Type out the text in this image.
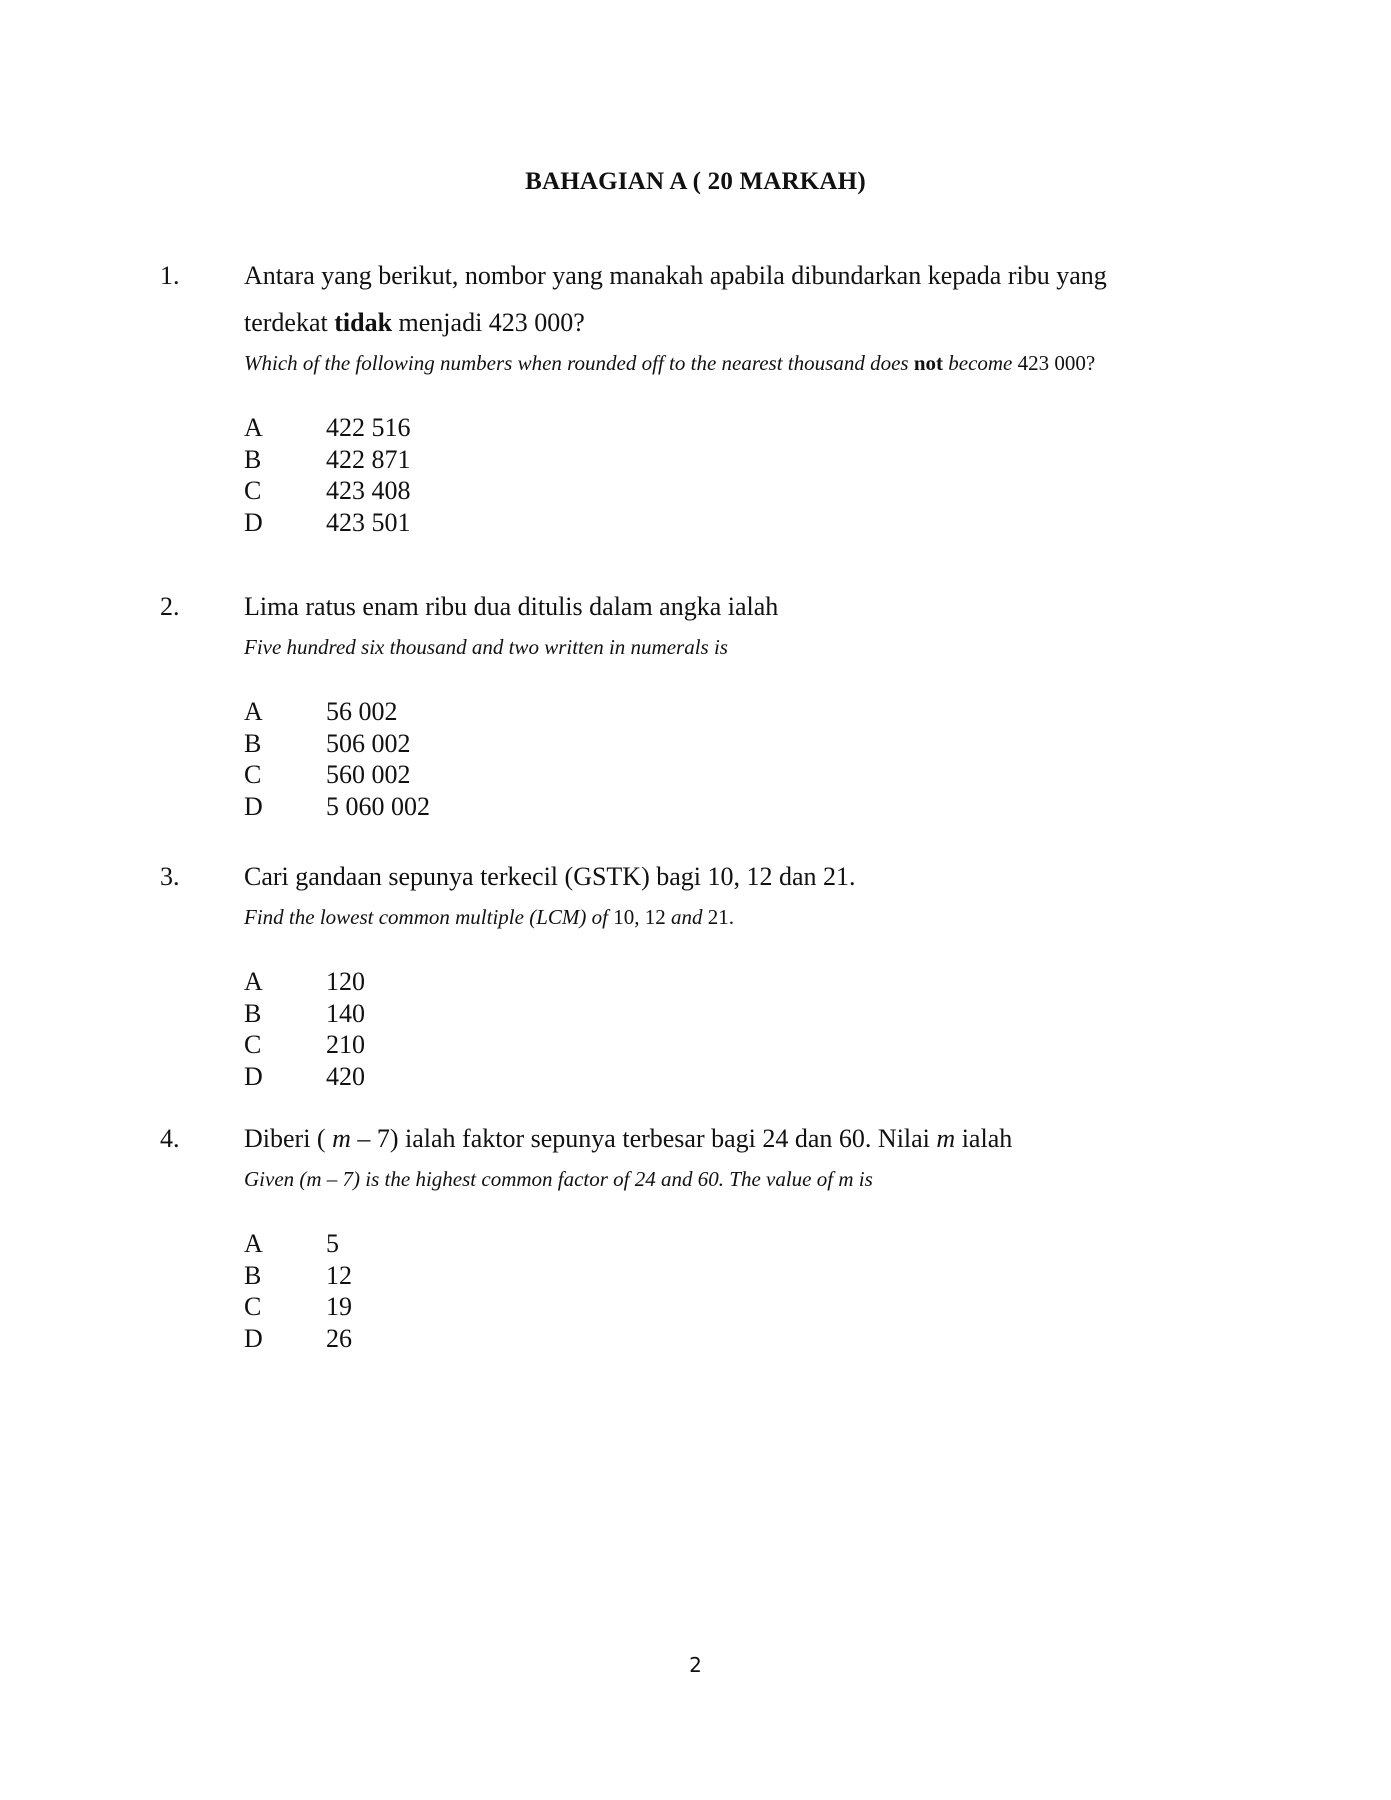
BAHAGIAN A ( 20 MARKAH)
1. Antara yang berikut, nombor yang manakah apabila dibundarkan kepada ribu yang
terdekat tidak menjadi 423 000?
Which of the following numbers when rounded off to the nearest thousand does not become 423 000?
A	422 516
B	422 871
C	423 408
D	423 501
2. Lima ratus enam ribu dua ditulis dalam angka ialah
Five hundred six thousand and two written in numerals is
A	56 002
B	506 002
C	560 002
D	5 060 002
3. Cari gandaan sepunya terkecil (GSTK) bagi 10, 12 dan 21.
Find the lowest common multiple (LCM) of 10, 12 and 21.
A	120
B	140
C	210
D	420
4. Diberi ( m – 7) ialah faktor sepunya terbesar bagi 24 dan 60. Nilai m ialah
Given (m – 7) is the highest common factor of 24 and 60. The value of m is
A	5
B	12
C	19
D	26
2
